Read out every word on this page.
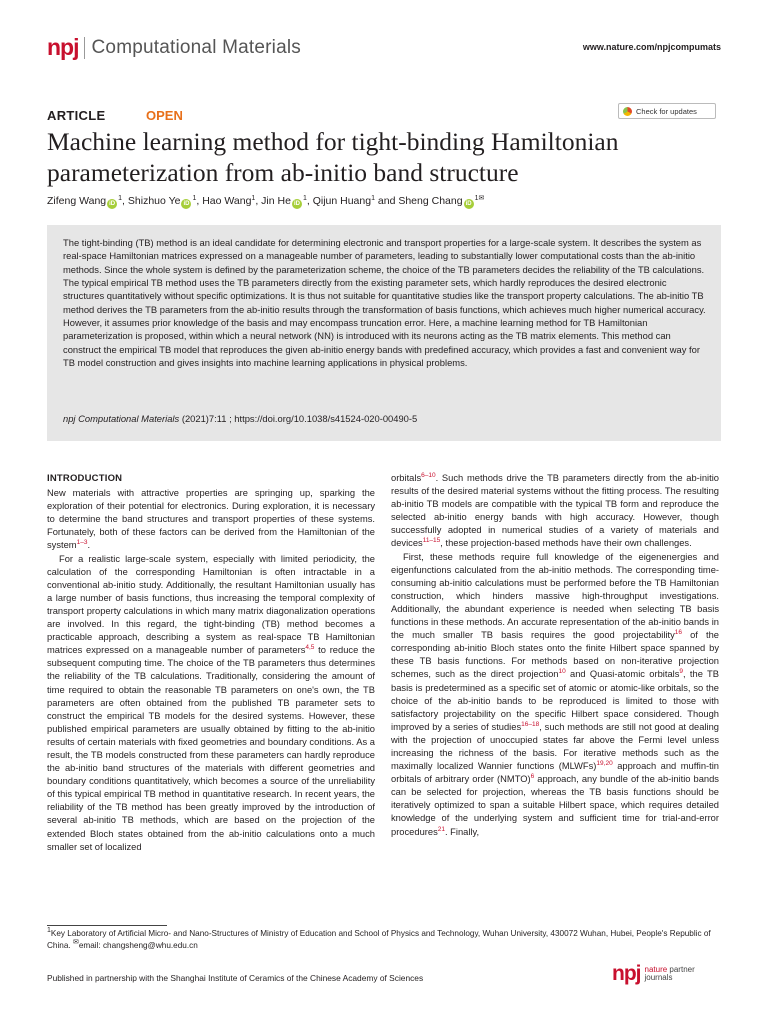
npj Computational Materials	www.nature.com/npjcompumats
ARTICLE	OPEN	Check for updates
Machine learning method for tight-binding Hamiltonian parameterization from ab-initio band structure
Zifeng Wang $iD^1$, Shizhuo Ye $iD^1$, Hao Wang$^1$, Jin He $iD^1$, Qijun Huang$^1$ and Sheng Chang $iD^{1✉}$
The tight-binding (TB) method is an ideal candidate for determining electronic and transport properties for a large-scale system. It describes the system as real-space Hamiltonian matrices expressed on a manageable number of parameters, leading to substantially lower computational costs than the ab-initio methods. Since the whole system is defined by the parameterization scheme, the choice of the TB parameters decides the reliability of the TB calculations. The typical empirical TB method uses the TB parameters directly from the existing parameter sets, which hardly reproduces the desired electronic structures quantitatively without specific optimizations. It is thus not suitable for quantitative studies like the transport property calculations. The ab-initio TB method derives the TB parameters from the ab-initio results through the transformation of basis functions, which achieves much higher numerical accuracy. However, it assumes prior knowledge of the basis and may encompass truncation error. Here, a machine learning method for TB Hamiltonian parameterization is proposed, within which a neural network (NN) is introduced with its neurons acting as the TB matrix elements. This method can construct the empirical TB model that reproduces the given ab-initio energy bands with predefined accuracy, which provides a fast and convenient way for TB model construction and gives insights into machine learning applications in physical problems.
npj Computational Materials (2021)7:11 ; https://doi.org/10.1038/s41524-020-00490-5
INTRODUCTION

New materials with attractive properties are springing up, sparking the exploration of their potential for electronics. During exploration, it is necessary to determine the band structures and transport properties of these systems. Fortunately, both of these factors can be derived from the Hamiltonian of the system$^{1-3}$.

For a realistic large-scale system, especially with limited periodicity, the calculation of the corresponding Hamiltonian is often intractable in a conventional ab-initio study. Additionally, the resultant Hamiltonian usually has a large number of basis functions, thus increasing the temporal complexity of transport property calculations in which many matrix diagonalization operations are involved. In this regard, the tight-binding (TB) method becomes a practicable approach, describing a system as real-space TB Hamiltonian matrices expressed on a manageable number of parameters$^{4,5}$ to reduce the subsequent computing time. The choice of the TB parameters thus determines the reliability of the TB calculations. Traditionally, considering the amount of time required to obtain the reasonable TB parameters on one's own, the TB parameters are often obtained from the published TB parameter sets to construct the empirical TB models for the desired systems. However, these published empirical parameters are usually obtained by fitting to the ab-initio results of certain materials with fixed geometries and boundary conditions. As a result, the TB models constructed from these parameters can hardly reproduce the ab-initio band structures of the materials with different geometries and boundary conditions quantitatively, which becomes a source of the unreliability of this typical empirical TB method in quantitative research. In recent years, the reliability of the TB method has been greatly improved by the introduction of several ab-initio TB methods, which are based on the projection of the extended Bloch states obtained from the ab-initio calculations onto a much smaller set of localized

orbitals$^{6-10}$. Such methods drive the TB parameters directly from the ab-initio results of the desired material systems without the fitting process. The resulting ab-initio TB models are compatible with the typical TB form and reproduce the selected ab-initio energy bands with high accuracy. However, though successfully adopted in numerical studies of a variety of materials and devices$^{11-15}$, these projection-based methods have their own challenges.

First, these methods require full knowledge of the eigenenergies and eigenfunctions calculated from the ab-initio methods. The corresponding time-consuming ab-initio calculations must be performed before the TB Hamiltonian construction, which hinders massive high-throughput investigations. Additionally, the abundant experience is needed when selecting TB basis functions in these methods. An accurate representation of the ab-initio bands in the much smaller TB basis requires the good projectability$^{16}$ of the corresponding ab-initio Bloch states onto the finite Hilbert space spanned by these TB basis functions. For methods based on non-iterative projection schemes, such as the direct projection$^{10}$ and Quasi-atomic orbitals$^9$, the TB basis is predetermined as a specific set of atomic or atomic-like orbitals, so the choice of the ab-initio bands to be reproduced is limited to those with satisfactory projectability on the specific Hilbert space considered. Though improved by a series of studies$^{16-18}$, such methods are still not good at dealing with the projection of unoccupied states far above the Fermi level unless increasing the richness of the basis. For iterative methods such as the maximally localized Wannier functions (MLWFs)$^{19,20}$ approach and muffin-tin orbitals of arbitrary order (NMTO)$^6$ approach, any bundle of the ab-initio bands can be selected for projection, whereas the TB basis functions should be iteratively optimized to span a suitable Hilbert space, which requires detailed knowledge of the underlying system and sufficient time for trial-and-error procedures$^{21}$. Finally,

$^1$Key Laboratory of Artificial Micro- and Nano-Structures of Ministry of Education and School of Physics and Technology, Wuhan University, 430072 Wuhan, Hubei, People's Republic of China. ✉email: changsheng@whu.edu.cn
Published in partnership with the Shanghai Institute of Ceramics of the Chinese Academy of Sciences	npj nature partner
journals
